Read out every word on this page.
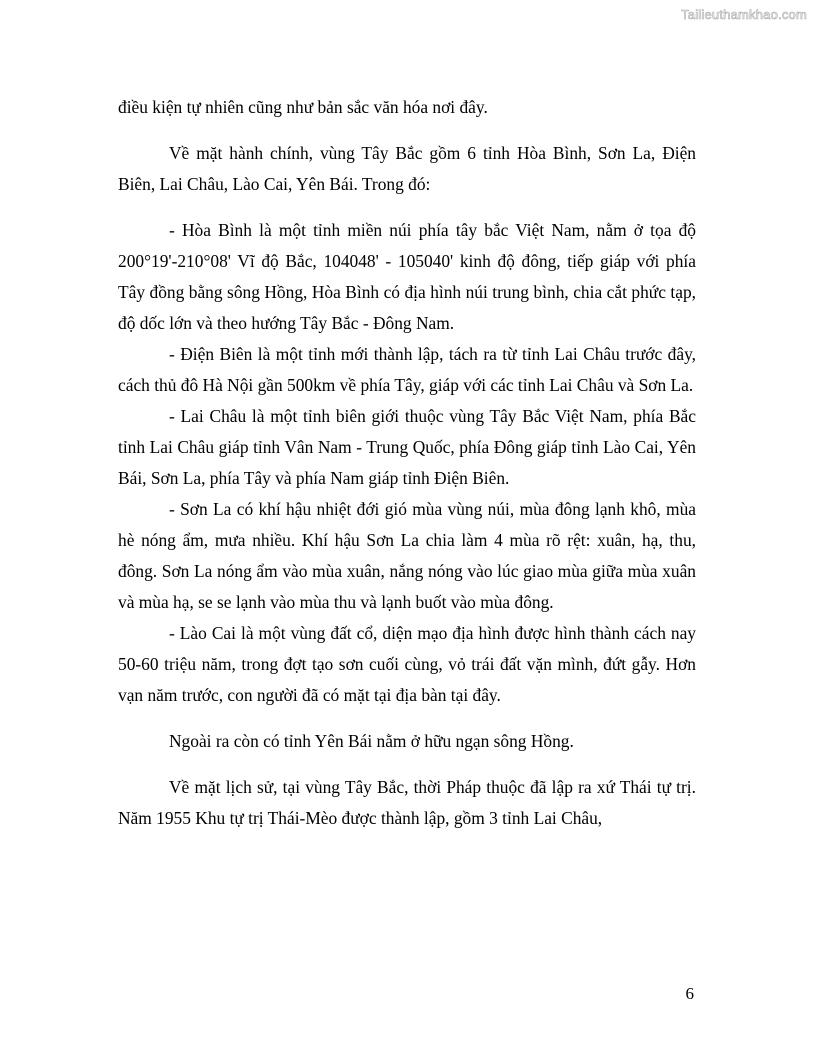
Tailieuthamkhao.com

điều kiện tự nhiên cũng như bản sắc văn hóa nơi đây.

Về mặt hành chính, vùng Tây Bắc gồm 6 tỉnh Hòa Bình, Sơn La, Điện Biên, Lai Châu, Lào Cai, Yên Bái. Trong đó:

- Hòa Bình là một tỉnh miền núi phía tây bắc Việt Nam, nằm ở tọa độ 200°19'-210°08' Vĩ độ Bắc, 104048' - 105040' kinh độ đông, tiếp giáp với phía Tây đồng bằng sông Hồng, Hòa Bình có địa hình núi trung bình, chia cắt phức tạp, độ dốc lớn và theo hướng Tây Bắc - Đông Nam.

- Điện Biên là một tỉnh mới thành lập, tách ra từ tỉnh Lai Châu trước đây, cách thủ đô Hà Nội gần 500km về phía Tây, giáp với các tỉnh Lai Châu và Sơn La.

- Lai Châu là một tỉnh biên giới thuộc vùng Tây Bắc Việt Nam, phía Bắc tỉnh Lai Châu giáp tỉnh Vân Nam - Trung Quốc, phía Đông giáp tỉnh Lào Cai, Yên Bái, Sơn La, phía Tây và phía Nam giáp tỉnh Điện Biên.

- Sơn La có khí hậu nhiệt đới gió mùa vùng núi, mùa đông lạnh khô, mùa hè nóng ẩm, mưa nhiều. Khí hậu Sơn La chia làm 4 mùa rõ rệt: xuân, hạ, thu, đông. Sơn La nóng ẩm vào mùa xuân, nắng nóng vào lúc giao mùa giữa mùa xuân và mùa hạ, se se lạnh vào mùa thu và lạnh buốt vào mùa đông.

- Lào Cai là một vùng đất cổ, diện mạo địa hình được hình thành cách nay 50-60 triệu năm, trong đợt tạo sơn cuối cùng, vỏ trái đất vặn mình, đứt gẫy. Hơn vạn năm trước, con người đã có mặt tại địa bàn tại đây.

Ngoài ra còn có tỉnh Yên Bái nằm ở hữu ngạn sông Hồng.

Về mặt lịch sử, tại vùng Tây Bắc, thời Pháp thuộc đã lập ra xứ Thái tự trị. Năm 1955 Khu tự trị Thái-Mèo được thành lập, gồm 3 tỉnh Lai Châu,

6
